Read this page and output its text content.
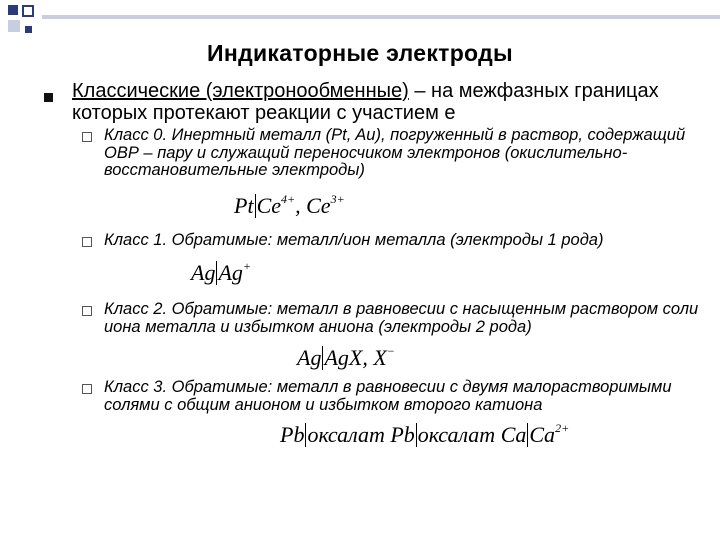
Индикаторные электроды
Классические (электронообменные) – на межфазных границах которых протекают реакции с участием е
Класс 0. Инертный металл (Pt, Au), погруженный в раствор, содержащий ОВР – пару и служащий переносчиком электронов (окислительно-восстановительные электроды)
Pt $Ce^{4+}$, $Ce^{3+}$
Класс 1. Обратимые: металл/ион металла (электроды 1 рода)
Ag Ag+
Класс 2. Обратимые: металл в равновесии с насыщенным раствором соли иона металла и избытком аниона (электроды 2 рода)
Ag AgX, X−
Класс 3. Обратимые: металл в равновесии с двумя малорастворимыми солями с общим анионом и избытком второго катиона
Pb оксалат Pb оксалат Ca $Ca^{2+}$
